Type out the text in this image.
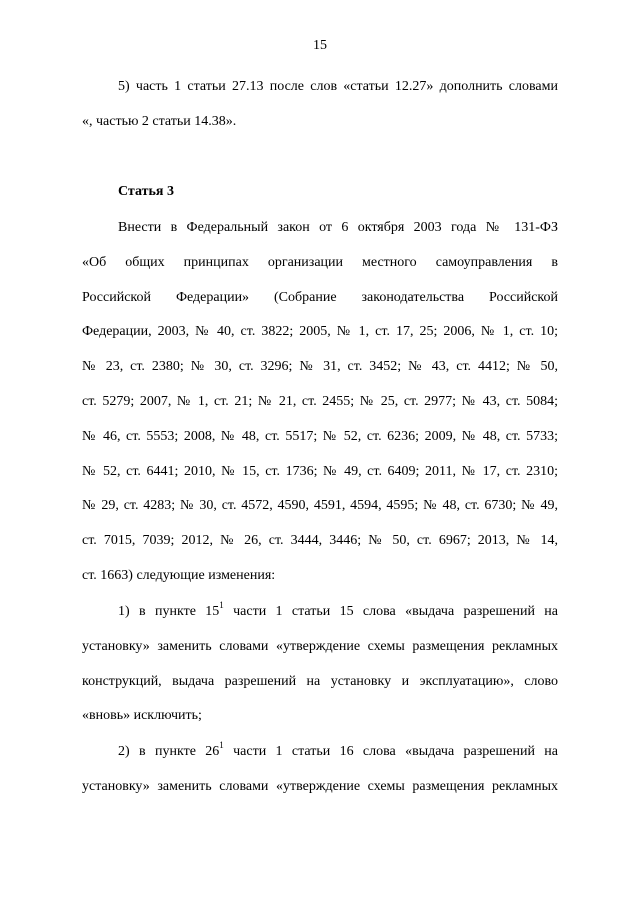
15
5) часть 1 статьи 27.13 после слов «статьи 12.27» дополнить словами
«, частью 2 статьи 14.38».
Статья 3
Внести в Федеральный закон от 6 октября 2003 года № 131-ФЗ
«Об общих принципах организации местного самоуправления в
Российской Федерации» (Собрание законодательства Российской
Федерации, 2003, № 40, ст. 3822; 2005, № 1, ст. 17, 25; 2006, № 1, ст. 10;
№ 23, ст. 2380; № 30, ст. 3296; № 31, ст. 3452; № 43, ст. 4412; № 50,
ст. 5279; 2007, № 1, ст. 21; № 21, ст. 2455; № 25, ст. 2977; № 43, ст. 5084;
№ 46, ст. 5553; 2008, № 48, ст. 5517; № 52, ст. 6236; 2009, № 48, ст. 5733;
№ 52, ст. 6441; 2010, № 15, ст. 1736; № 49, ст. 6409; 2011, № 17, ст. 2310;
№ 29, ст. 4283; № 30, ст. 4572, 4590, 4591, 4594, 4595; № 48, ст. 6730; № 49,
ст. 7015, 7039; 2012, № 26, ст. 3444, 3446; № 50, ст. 6967; 2013, № 14,
ст. 1663) следующие изменения:
1) в пункте $15^1$ части 1 статьи 15 слова «выдача разрешений на
установку» заменить словами «утверждение схемы размещения рекламных
конструкций, выдача разрешений на установку и эксплуатацию», слово
«вновь» исключить;
2) в пункте $26^1$ части 1 статьи 16 слова «выдача разрешений на
установку» заменить словами «утверждение схемы размещения рекламных
